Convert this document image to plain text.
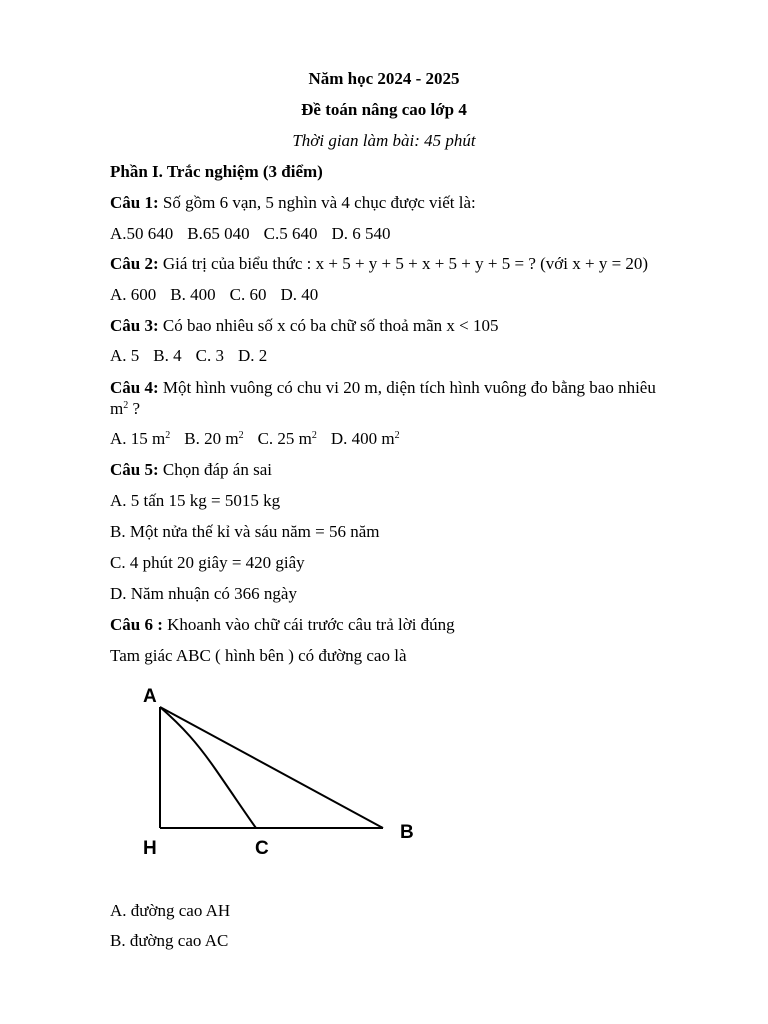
Năm học 2024 - 2025
Đề toán nâng cao lớp 4
Thời gian làm bài: 45 phút
Phần I. Trắc nghiệm (3 điểm)
Câu 1: Số gồm 6 vạn, 5 nghìn và 4 chục được viết là:
A.50 640 B.65 040 C.5 640 D. 6 540
Câu 2: Giá trị của biểu thức : x + 5 + y + 5 + x + 5 + y + 5 = ? (với x + y = 20)
A. 600 B. 400 C. 60 D. 40
Câu 3: Có bao nhiêu số x có ba chữ số thoả mãn x < 105
A. 5 B. 4 C. 3 D. 2
Câu 4: Một hình vuông có chu vi 20 m, diện tích hình vuông đo bằng bao nhiêu
$m^2$ ?
A. 15 $m^2$ B. 20 $m^2$ C. 25 $m^2$ D. 400 $m^2$
Câu 5: Chọn đáp án sai
A. 5 tấn 15 kg = 5015 kg
B. Một nửa thế kỉ và sáu năm = 56 năm
C. 4 phút 20 giây = 420 giây
D. Năm nhuận có 366 ngày
Câu 6 : Khoanh vào chữ cái trước câu trả lời đúng
Tam giác ABC ( hình bên ) có đường cao là
A
H	C
B
A. đường cao AH
B. đường cao AC
